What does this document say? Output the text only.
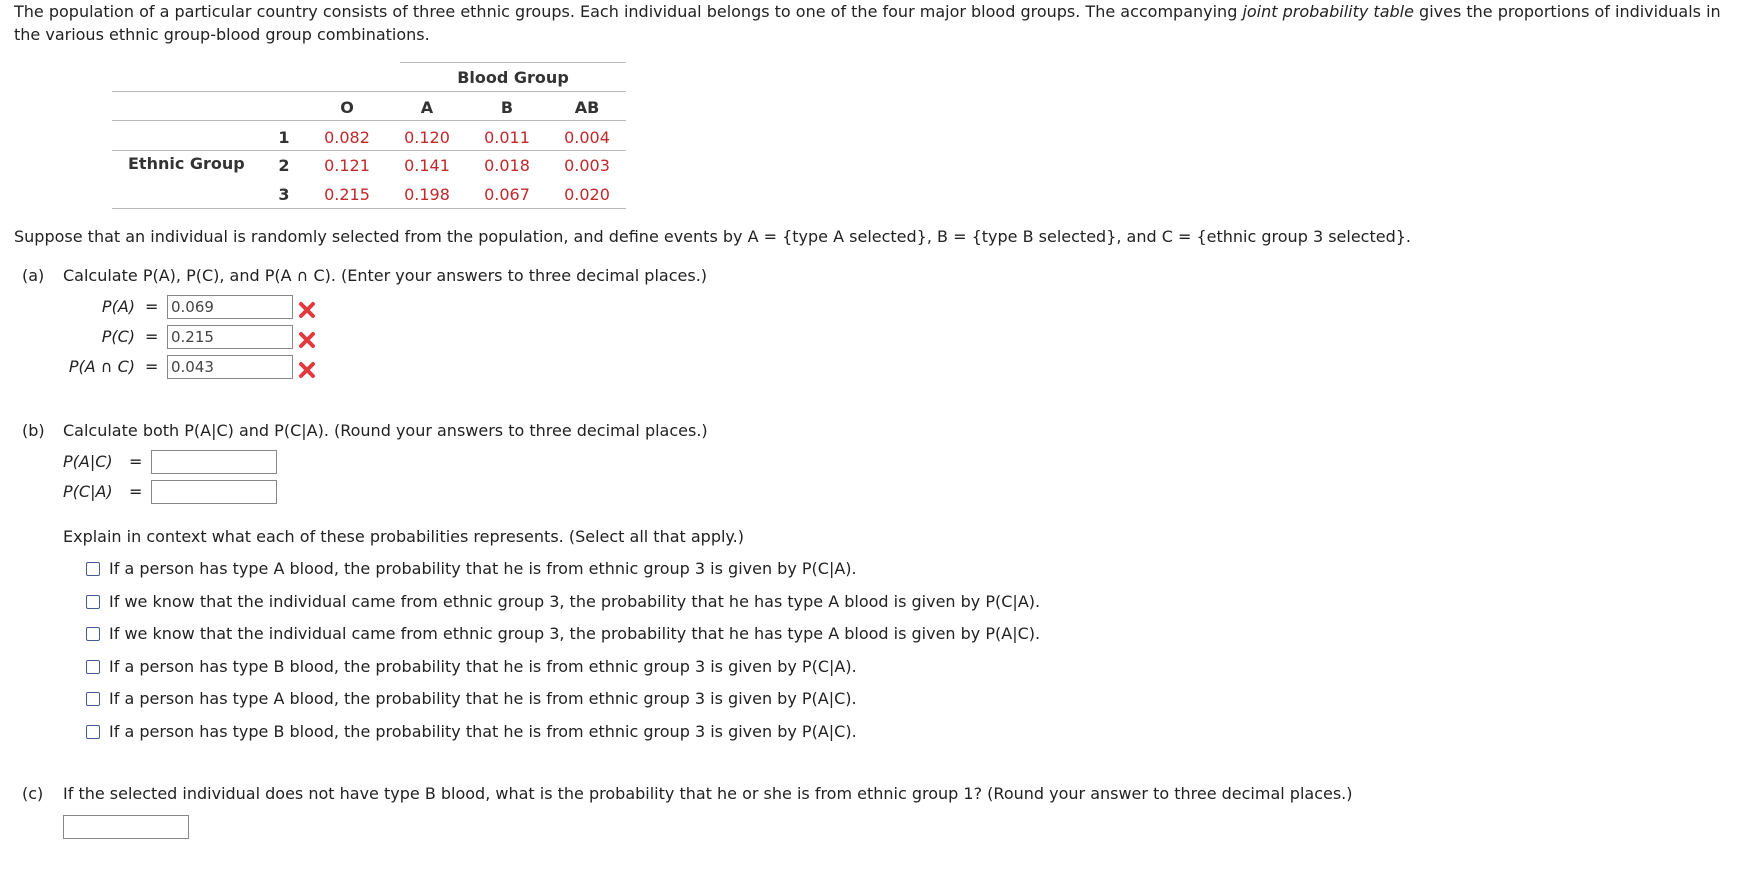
The population of a particular country consists of three ethnic groups. Each individual belongs to one of the four major blood groups. The accompanying joint probability table gives the proportions of individuals in
the various ethnic group-blood group combinations.
Blood Group
O	A	B	AB
Ethnic Group
1	0.082	0.120	0.011	0.004
2	0.121	0.141	0.018	0.003
3	0.215	0.198	0.067	0.020
Suppose that an individual is randomly selected from the population, and define events by A = {type A selected}, B = {type B selected}, and C = {ethnic group 3 selected}.
(a) Calculate P(A), P(C), and P(A ∩ C). (Enter your answers to three decimal places.)
P(A) =
0.069
P(C) =
0.215
P(A ∩ C) =
0.043
(b) Calculate both P(A|C) and P(C|A). (Round your answers to three decimal places.)
P(A|C) =
P(C|A) =
Explain in context what each of these probabilities represents. (Select all that apply.)
If a person has type A blood, the probability that he is from ethnic group 3 is given by P(C|A).
If we know that the individual came from ethnic group 3, the probability that he has type A blood is given by P(C|A).
If we know that the individual came from ethnic group 3, the probability that he has type A blood is given by P(A|C).
If a person has type B blood, the probability that he is from ethnic group 3 is given by P(C|A).
If a person has type A blood, the probability that he is from ethnic group 3 is given by P(A|C).
If a person has type B blood, the probability that he is from ethnic group 3 is given by P(A|C).
(c) If the selected individual does not have type B blood, what is the probability that he or she is from ethnic group 1? (Round your answer to three decimal places.)
